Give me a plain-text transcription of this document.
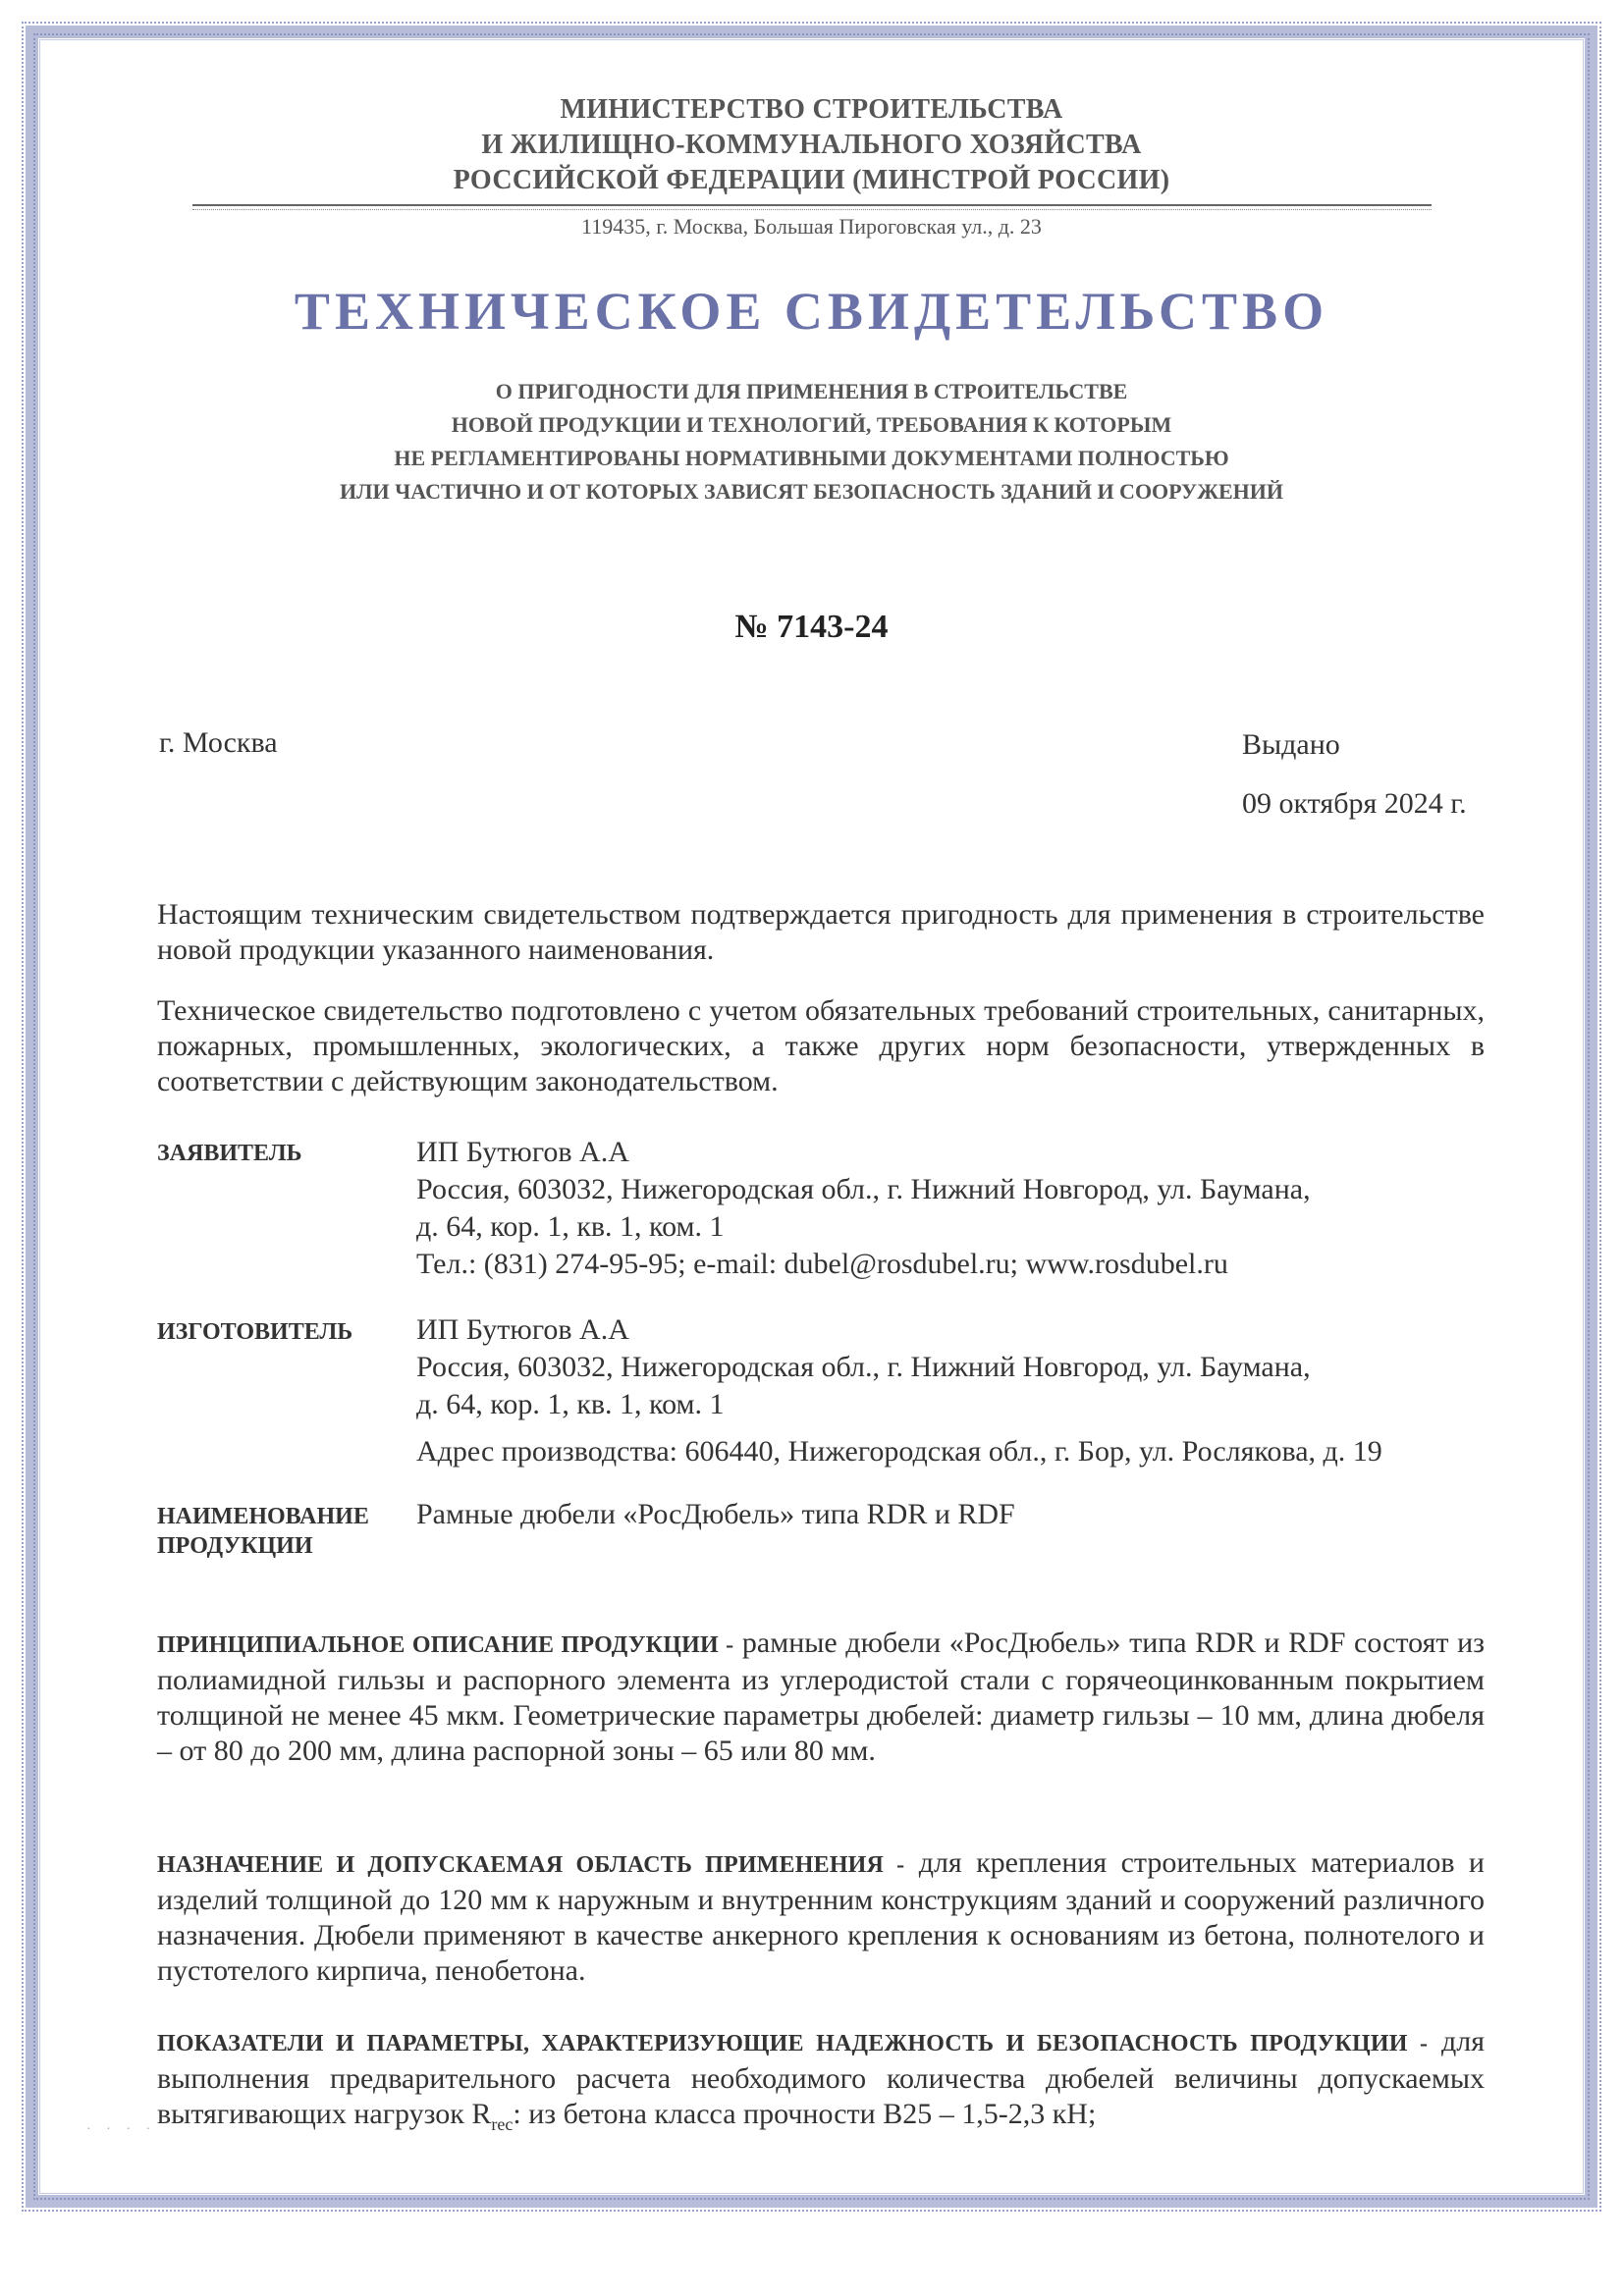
МИНИСТЕРСТВО СТРОИТЕЛЬСТВА
И ЖИЛИЩНО-КОММУНАЛЬНОГО ХОЗЯЙСТВА
РОССИЙСКОЙ ФЕДЕРАЦИИ (МИНСТРОЙ РОССИИ)
119435, г. Москва, Большая Пироговская ул., д. 23
ТЕХНИЧЕСКОЕ СВИДЕТЕЛЬСТВО
О ПРИГОДНОСТИ ДЛЯ ПРИМЕНЕНИЯ В СТРОИТЕЛЬСТВЕ
НОВОЙ ПРОДУКЦИИ И ТЕХНОЛОГИЙ, ТРЕБОВАНИЯ К КОТОРЫМ
НЕ РЕГЛАМЕНТИРОВАНЫ НОРМАТИВНЫМИ ДОКУМЕНТАМИ ПОЛНОСТЬЮ
ИЛИ ЧАСТИЧНО И ОТ КОТОРЫХ ЗАВИСЯТ БЕЗОПАСНОСТЬ ЗДАНИЙ И СООРУЖЕНИЙ
№ 7143-24
г. Москва	Выдано
09 октября 2024 г.
Настоящим техническим свидетельством подтверждается пригодность для применения в строительстве новой продукции указанного наименования.
Техническое свидетельство подготовлено с учетом обязательных требований строительных, санитарных, пожарных, промышленных, экологических, а также других норм безопасности, утвержденных в соответствии с действующим законодательством.
ЗАЯВИТЕЛЬ	ИП Бутюгов А.А
Россия, 603032, Нижегородская обл., г. Нижний Новгород, ул. Баумана,
д. 64, кор. 1, кв. 1, ком. 1
Тел.: (831) 274-95-95; e-mail: dubel@rosdubel.ru; www.rosdubel.ru
ИЗГОТОВИТЕЛЬ ИП Бутюгов А.А
Россия, 603032, Нижегородская обл., г. Нижний Новгород, ул. Баумана,
д. 64, кор. 1, кв. 1, ком. 1
Адрес производства: 606440, Нижегородская обл., г. Бор, ул. Рослякова, д. 19
НАИМЕНОВАНИЕ
ПРОДУКЦИИ
Рамные дюбели «РосДюбель» типа RDR и RDF
ПРИНЦИПИАЛЬНОЕ ОПИСАНИЕ ПРОДУКЦИИ - рамные дюбели «РосДюбель» типа RDR и RDF состоят из полиамидной гильзы и распорного элемента из углеродистой стали с горячеоцинкованным покрытием толщиной не менее 45 мкм. Геометрические параметры дюбелей: диаметр гильзы – 10 мм, длина дюбеля – от 80 до 200 мм, длина распорной зоны – 65 или 80 мм.
НАЗНАЧЕНИЕ И ДОПУСКАЕМАЯ ОБЛАСТЬ ПРИМЕНЕНИЯ - для крепления строительных материалов и изделий толщиной до 120 мм к наружным и внутренним конструкциям зданий и сооружений различного назначения. Дюбели применяют в качестве анкерного крепления к основаниям из бетона, полнотелого и пустотелого кирпича, пенобетона.
ПОКАЗАТЕЛИ И ПАРАМЕТРЫ, ХАРАКТЕРИЗУЮЩИЕ НАДЕЖНОСТЬ И БЕЗОПАСНОСТЬ ПРОДУКЦИИ - для выполнения предварительного расчета необходимого количества дюбелей величины допускаемых вытягивающих нагрузок $R_{rec}$: из бетона класса прочности В25 – 1,5-2,3 кН;
· · · ·
